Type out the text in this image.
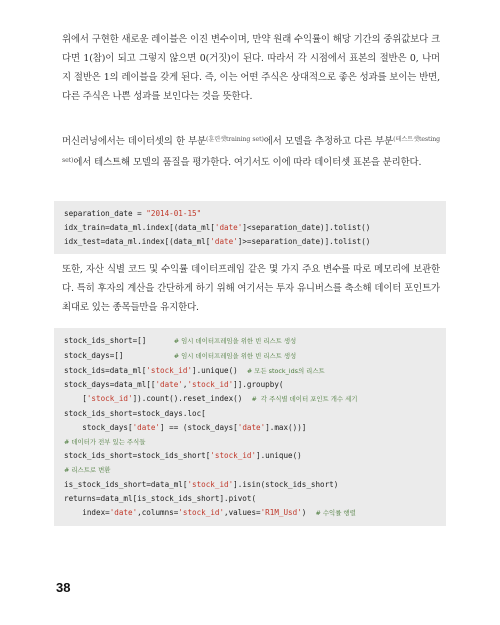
위에서 구현한 새로운 레이블은 이진 변수이며, 만약 원래 수익률이 해당 기간의 중위값보다 크다면 1(참)이 되고 그렇지 않으면 0(거짓)이 된다. 따라서 각 시점에서 표본의 절반은 0, 나머지 절반은 1의 레이블을 갖게 된다. 즉, 이는 어떤 주식은 상대적으로 좋은 성과를 보이는 반면, 다른 주식은 나쁜 성과를 보인다는 것을 뜻한다.

머신러닝에서는 데이터셋의 한 부분$^{(훈련셋training set)}$에서 모델을 추정하고 다른 부분$^{(테스트셋testing set)}$에서 테스트해 모델의 품질을 평가한다. 여기서도 이에 따라 데이터셋 표본을 분리한다.

separation_date = "2014-01-15"
idx_train=data_ml.index[(data_ml['date']<separation_date)].tolist()
idx_test=data_ml.index[(data_ml['date']>=separation_date)].tolist()

또한, 자산 식별 코드 및 수익률 데이터프레임 같은 몇 가지 주요 변수를 따로 메모리에 보관한다. 특히 후자의 계산을 간단하게 하기 위해 여기서는 투자 유니버스를 축소해 데이터 포인트가 최대로 있는 종목들만을 유지한다.

stock_ids_short=[]      # 임시 데이터프레임을 위한 빈 리스트 생성
stock_days=[]           # 임시 데이터프레임을 위한 빈 리스트 생성
stock_ids=data_ml['stock_id'].unique()  # 모든 stock_ids의 리스트
stock_days=data_ml[['date','stock_id']].groupby(
['stock_id']).count().reset_index()  #  각 주식별 데이터 포인트 개수 세기
stock_ids_short=stock_days.loc[
stock_days['date'] == (stock_days['date'].max())]
# 데이터가 전부 있는 주식들
stock_ids_short=stock_ids_short['stock_id'].unique()
# 리스트로 변환
is_stock_ids_short=data_ml['stock_id'].isin(stock_ids_short)
returns=data_ml[is_stock_ids_short].pivot(
index='date',columns='stock_id',values='R1M_Usd')  # 수익률 행렬
38
